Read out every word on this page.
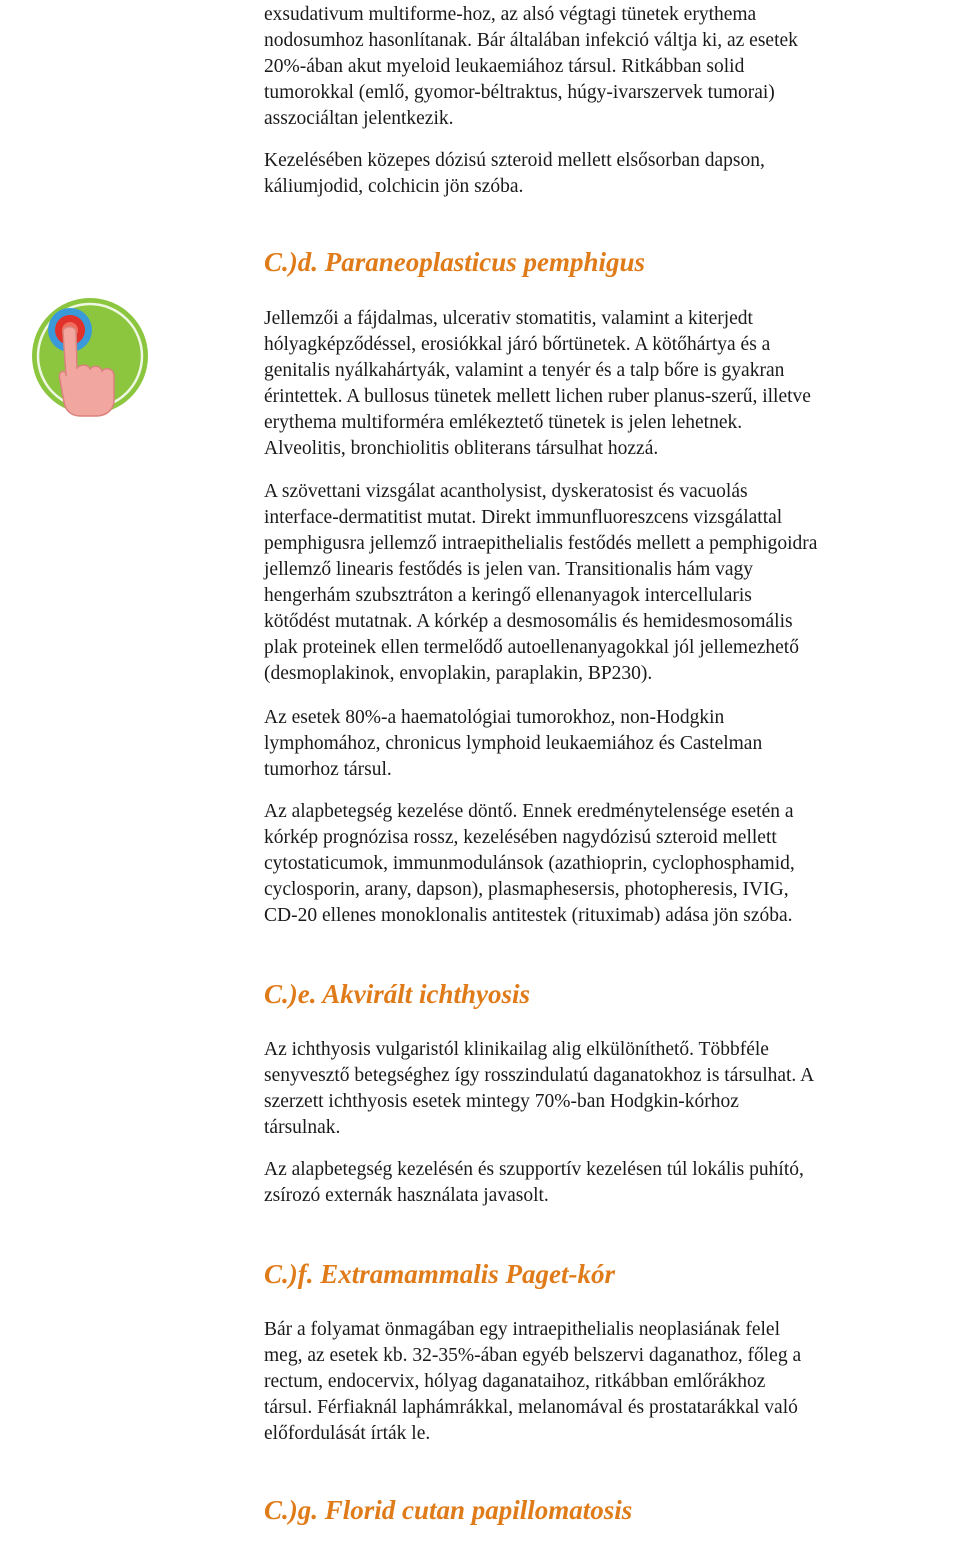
exsudativum multiforme-hoz, az alsó végtagi tünetek erythema
nodosumhoz hasonlítanak. Bár általában infekció váltja ki, az esetek
20%-ában akut myeloid leukaemiához társul. Ritkábban solid
tumorokkal (emlő, gyomor-béltraktus, húgy-ivarszervek tumorai)
asszociáltan jelentkezik.

Kezelésében közepes dózisú szteroid mellett elsősorban dapson,
káliumjodid, colchicin jön szóba.

C.)d. Paraneoplasticus pemphigus

Jellemzői a fájdalmas, ulcerativ stomatitis, valamint a kiterjedt
hólyagképződéssel, erosiókkal járó bőrtünetek. A kötőhártya és a
genitalis nyálkahártyák, valamint a tenyér és a talp bőre is gyakran
érintettek. A bullosus tünetek mellett lichen ruber planus-szerű, illetve
erythema multiforméra emlékeztető tünetek is jelen lehetnek.
Alveolitis, bronchiolitis obliterans társulhat hozzá.

A szövettani vizsgálat acantholysist, dyskeratosist és vacuolás
interface-dermatitist mutat. Direkt immunfluoreszcens vizsgálattal
pemphigusra jellemző intraepithelialis festődés mellett a pemphigoidra
jellemző linearis festődés is jelen van. Transitionalis hám vagy
hengerhám szubsztráton a keringő ellenanyagok intercellularis
kötődést mutatnak. A kórkép a desmosomális és hemidesmosomális
plak proteinek ellen termelődő autoellenanyagokkal jól jellemezhető
(desmoplakinok, envoplakin, paraplakin, BP230).

Az esetek 80%-a haematológiai tumorokhoz, non-Hodgkin
lymphomához, chronicus lymphoid leukaemiához és Castelman
tumorhoz társul.

Az alapbetegség kezelése döntő. Ennek eredménytelensége esetén a
kórkép prognózisa rossz, kezelésében nagydózisú szteroid mellett
cytostaticumok, immunmodulánsok (azathioprin, cyclophosphamid,
cyclosporin, arany, dapson), plasmaphesersis, photopheresis, IVIG,
CD-20 ellenes monoklonalis antitestek (rituximab) adása jön szóba.

C.)e. Akvirált ichthyosis

Az ichthyosis vulgaristól klinikailag alig elkülöníthető. Többféle
senyvesztő betegséghez így rosszindulatú daganatokhoz is társulhat. A
szerzett ichthyosis esetek mintegy 70%-ban Hodgkin-kórhoz
társulnak.

Az alapbetegség kezelésén és szupportív kezelésen túl lokális puhító,
zsírozó externák használata javasolt.

C.)f. Extramammalis Paget-kór

Bár a folyamat önmagában egy intraepithelialis neoplasiának felel
meg, az esetek kb. 32-35%-ában egyéb belszervi daganathoz, főleg a
rectum, endocervix, hólyag daganataihoz, ritkábban emlőrákhoz
társul. Férfiaknál laphámrákkal, melanomával és prostatarákkal való
előfordulását írták le.

C.)g. Florid cutan papillomatosis
